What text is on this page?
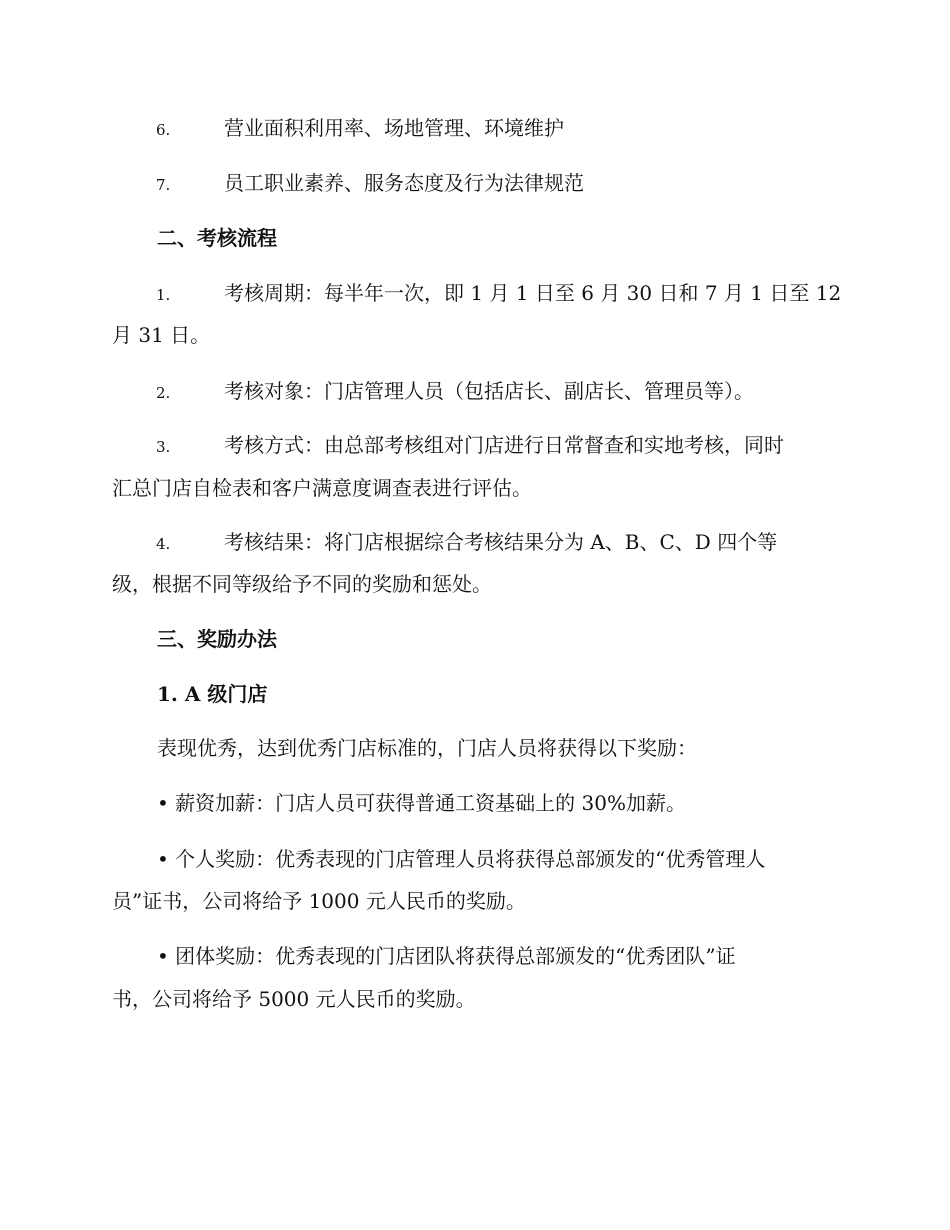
6.	营业面积利用率、场地管理、环境维护
7.	员工职业素养、服务态度及行为法律规范
二、考核流程
1.	考核周期：每半年一次，即 1 月 1 日至 6 月 30 日和 7 月 1 日至 12
月 31 日。
2.	考核对象：门店管理人员（包括店长、副店长、管理员等）。
3.	考核方式：由总部考核组对门店进行日常督查和实地考核，同时
汇总门店自检表和客户满意度调查表进行评估。
4.	考核结果：将门店根据综合考核结果分为 A、B、C、D 四个等
级，根据不同等级给予不同的奖励和惩处。
三、奖励办法
1. A 级门店
表现优秀，达到优秀门店标准的，门店人员将获得以下奖励：
• 薪资加薪：门店人员可获得普通工资基础上的 30%加薪。
• 个人奖励：优秀表现的门店管理人员将获得总部颁发的“优秀管理人
员”证书，公司将给予 1000 元人民币的奖励。
• 团体奖励：优秀表现的门店团队将获得总部颁发的“优秀团队”证
书，公司将给予 5000 元人民币的奖励。
